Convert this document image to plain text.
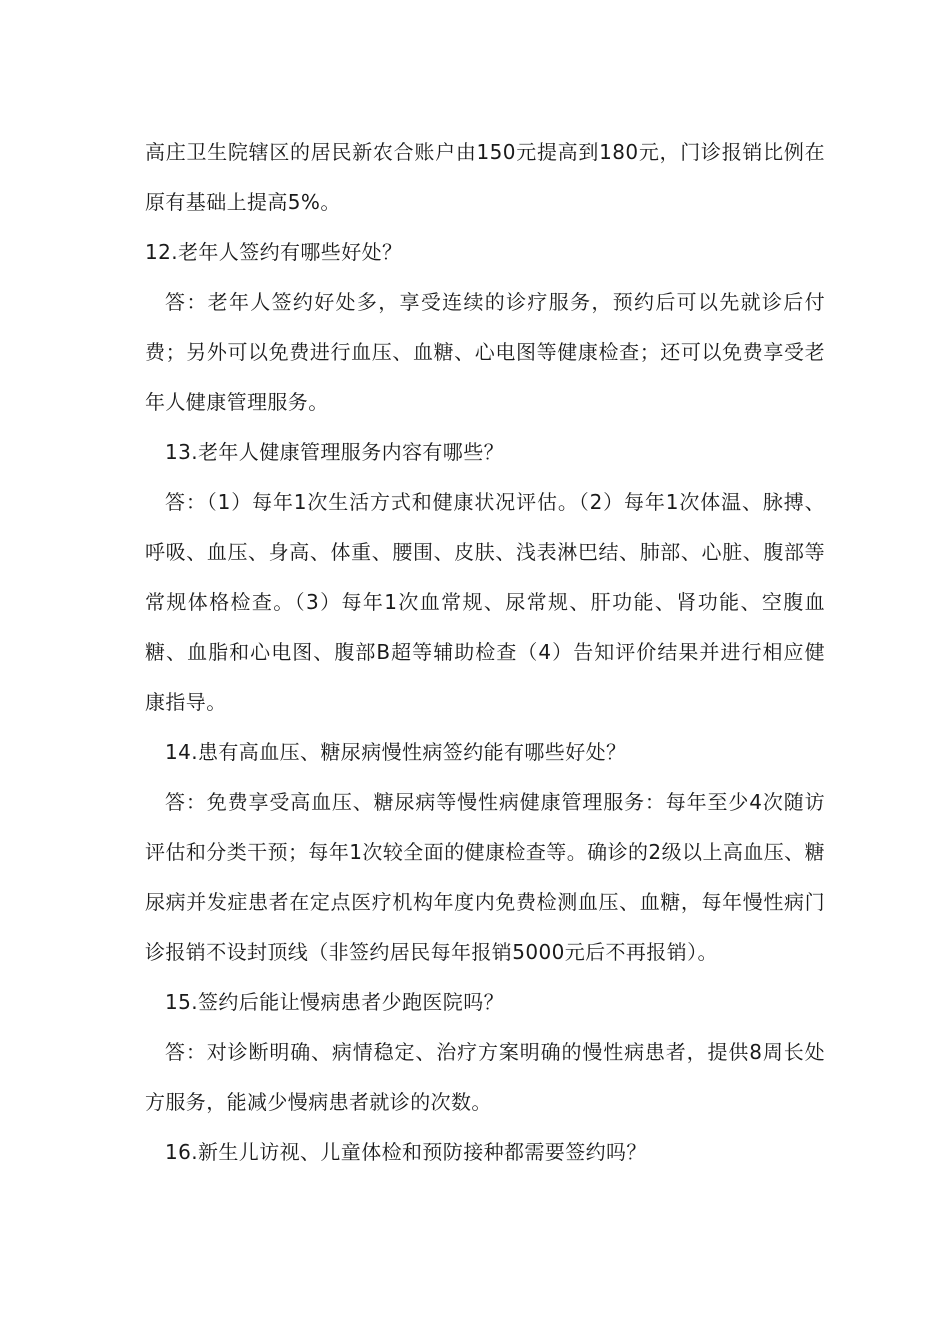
高庄卫生院辖区的居民新农合账户由150元提高到180元，门诊报销比例在原有基础上提高5%。

12.老年人签约有哪些好处？

答：老年人签约好处多，享受连续的诊疗服务，预约后可以先就诊后付费；另外可以免费进行血压、血糖、心电图等健康检查；还可以免费享受老年人健康管理服务。

13.老年人健康管理服务内容有哪些？

答：（1）每年1次生活方式和健康状况评估。（2）每年1次体温、脉搏、呼吸、血压、身高、体重、腰围、皮肤、浅表淋巴结、肺部、心脏、腹部等常规体格检查。（3）每年1次血常规、尿常规、肝功能、肾功能、空腹血糖、血脂和心电图、腹部B超等辅助检查（4）告知评价结果并进行相应健康指导。

14.患有高血压、糖尿病慢性病签约能有哪些好处？

答：免费享受高血压、糖尿病等慢性病健康管理服务：每年至少4次随访评估和分类干预；每年1次较全面的健康检查等。确诊的2级以上高血压、糖尿病并发症患者在定点医疗机构年度内免费检测血压、血糖，每年慢性病门诊报销不设封顶线（非签约居民每年报销5000元后不再报销）。

15.签约后能让慢病患者少跑医院吗？

答：对诊断明确、病情稳定、治疗方案明确的慢性病患者，提供8周长处方服务，能减少慢病患者就诊的次数。

16.新生儿访视、儿童体检和预防接种都需要签约吗？
